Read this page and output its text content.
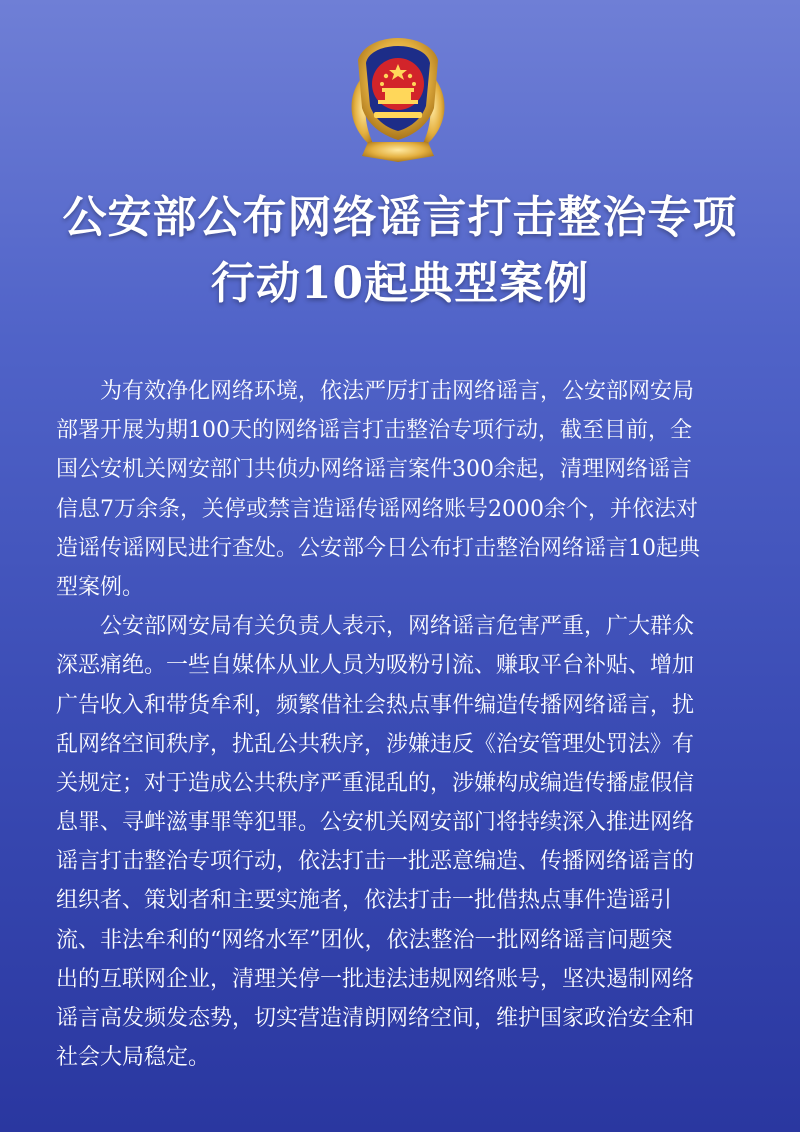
公安部公布网络谣言打击整治专项
行动10起典型案例
　　为有效净化网络环境，依法严厉打击网络谣言，公安部网安局
部署开展为期100天的网络谣言打击整治专项行动，截至目前，全
国公安机关网安部门共侦办网络谣言案件300余起，清理网络谣言
信息7万余条，关停或禁言造谣传谣网络账号2000余个，并依法对
造谣传谣网民进行查处。公安部今日公布打击整治网络谣言10起典
型案例。
　　公安部网安局有关负责人表示，网络谣言危害严重，广大群众
深恶痛绝。一些自媒体从业人员为吸粉引流、赚取平台补贴、增加
广告收入和带货牟利，频繁借社会热点事件编造传播网络谣言，扰
乱网络空间秩序，扰乱公共秩序，涉嫌违反《治安管理处罚法》有
关规定；对于造成公共秩序严重混乱的，涉嫌构成编造传播虚假信
息罪、寻衅滋事罪等犯罪。公安机关网安部门将持续深入推进网络
谣言打击整治专项行动，依法打击一批恶意编造、传播网络谣言的
组织者、策划者和主要实施者，依法打击一批借热点事件造谣引
流、非法牟利的“网络水军”团伙，依法整治一批网络谣言问题突
出的互联网企业，清理关停一批违法违规网络账号，坚决遏制网络
谣言高发频发态势，切实营造清朗网络空间，维护国家政治安全和
社会大局稳定。
